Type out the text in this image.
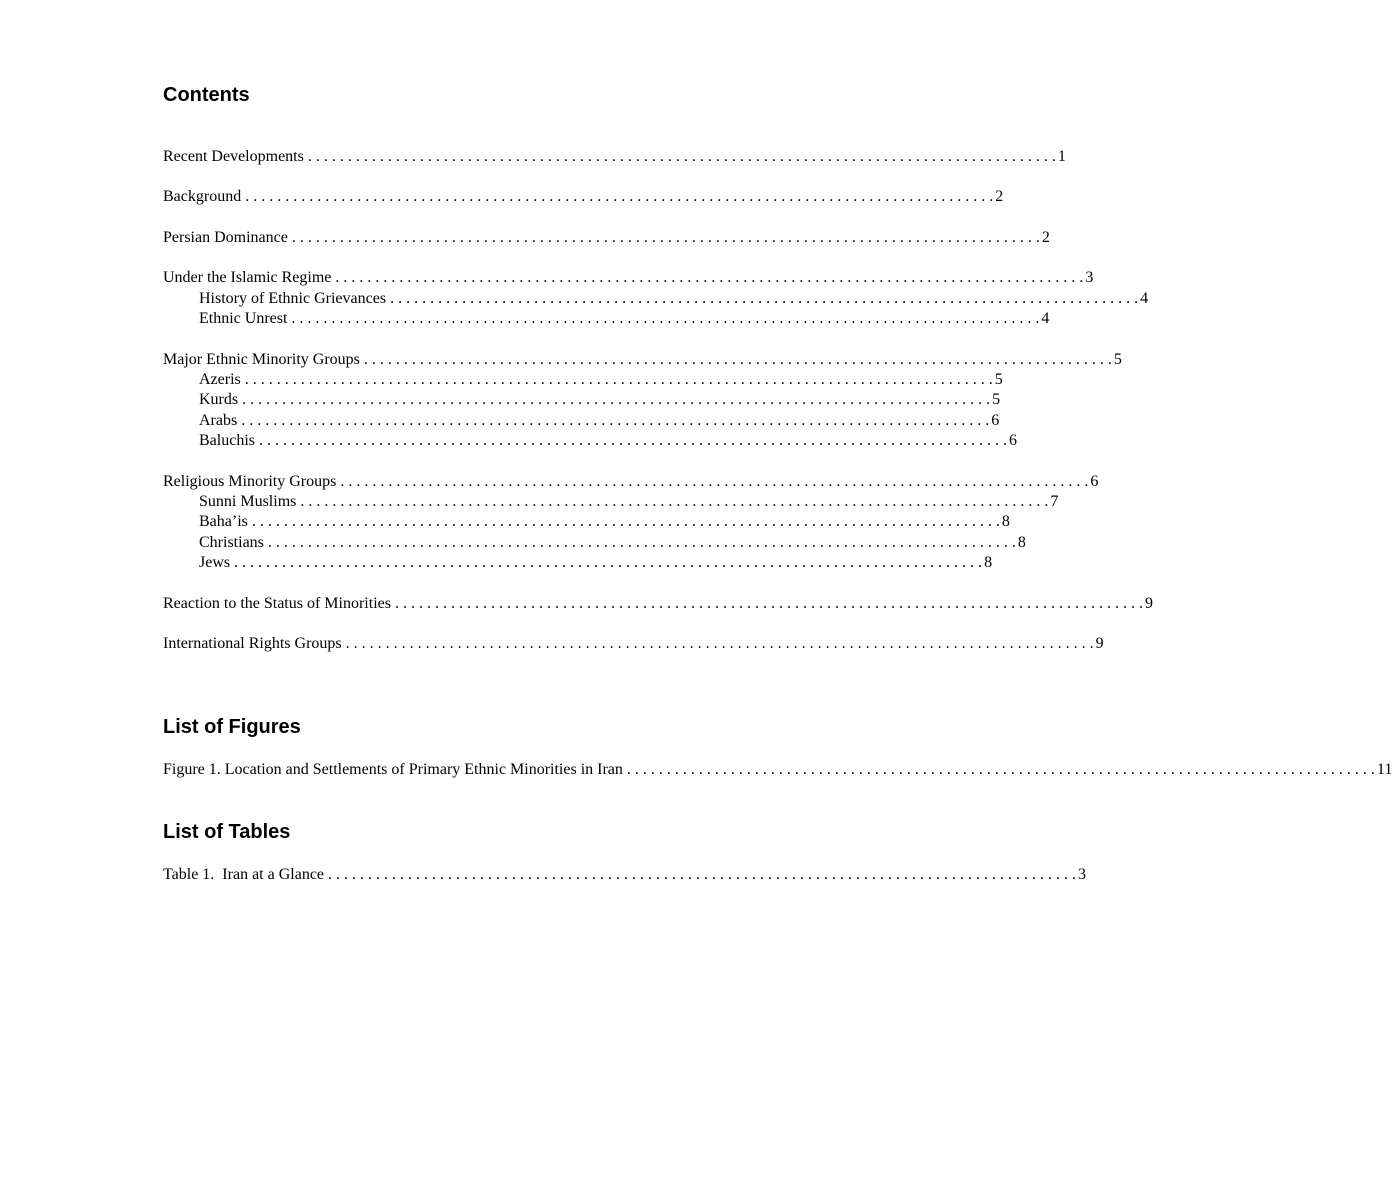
Contents
Recent Developments . . . . . . . . . . . . . . . . . . . . . . . . . . . . . . . . . . . . . . . . . . . . . . . . . . . . . . . . . . . . . . . . . . . . . . . . . . . . . . . . . . . . . . . . . . . . . . 1
Background . . . . . . . . . . . . . . . . . . . . . . . . . . . . . . . . . . . . . . . . . . . . . . . . . . . . . . . . . . . . . . . . . . . . . . . . . . . . . . . . . . . . . . . . . . . . . . 2
Persian Dominance . . . . . . . . . . . . . . . . . . . . . . . . . . . . . . . . . . . . . . . . . . . . . . . . . . . . . . . . . . . . . . . . . . . . . . . . . . . . . . . . . . . . . . . . . . . . . . 2
Under the Islamic Regime . . . . . . . . . . . . . . . . . . . . . . . . . . . . . . . . . . . . . . . . . . . . . . . . . . . . . . . . . . . . . . . . . . . . . . . . . . . . . . . . . . . . . . . . . . . . . . 3
History of Ethnic Grievances . . . . . . . . . . . . . . . . . . . . . . . . . . . . . . . . . . . . . . . . . . . . . . . . . . . . . . . . . . . . . . . . . . . . . . . . . . . . . . . . . . . . . . . . . . . . . . 4
Ethnic Unrest . . . . . . . . . . . . . . . . . . . . . . . . . . . . . . . . . . . . . . . . . . . . . . . . . . . . . . . . . . . . . . . . . . . . . . . . . . . . . . . . . . . . . . . . . . . . . . 4
Major Ethnic Minority Groups . . . . . . . . . . . . . . . . . . . . . . . . . . . . . . . . . . . . . . . . . . . . . . . . . . . . . . . . . . . . . . . . . . . . . . . . . . . . . . . . . . . . . . . . . . . . . . 5
Azeris . . . . . . . . . . . . . . . . . . . . . . . . . . . . . . . . . . . . . . . . . . . . . . . . . . . . . . . . . . . . . . . . . . . . . . . . . . . . . . . . . . . . . . . . . . . . . . 5
Kurds . . . . . . . . . . . . . . . . . . . . . . . . . . . . . . . . . . . . . . . . . . . . . . . . . . . . . . . . . . . . . . . . . . . . . . . . . . . . . . . . . . . . . . . . . . . . . . 5
Arabs . . . . . . . . . . . . . . . . . . . . . . . . . . . . . . . . . . . . . . . . . . . . . . . . . . . . . . . . . . . . . . . . . . . . . . . . . . . . . . . . . . . . . . . . . . . . . . 6
Baluchis . . . . . . . . . . . . . . . . . . . . . . . . . . . . . . . . . . . . . . . . . . . . . . . . . . . . . . . . . . . . . . . . . . . . . . . . . . . . . . . . . . . . . . . . . . . . . . 6
Religious Minority Groups . . . . . . . . . . . . . . . . . . . . . . . . . . . . . . . . . . . . . . . . . . . . . . . . . . . . . . . . . . . . . . . . . . . . . . . . . . . . . . . . . . . . . . . . . . . . . . 6
Sunni Muslims . . . . . . . . . . . . . . . . . . . . . . . . . . . . . . . . . . . . . . . . . . . . . . . . . . . . . . . . . . . . . . . . . . . . . . . . . . . . . . . . . . . . . . . . . . . . . . 7
Baha’is . . . . . . . . . . . . . . . . . . . . . . . . . . . . . . . . . . . . . . . . . . . . . . . . . . . . . . . . . . . . . . . . . . . . . . . . . . . . . . . . . . . . . . . . . . . . . . 8
Christians . . . . . . . . . . . . . . . . . . . . . . . . . . . . . . . . . . . . . . . . . . . . . . . . . . . . . . . . . . . . . . . . . . . . . . . . . . . . . . . . . . . . . . . . . . . . . . 8
Jews . . . . . . . . . . . . . . . . . . . . . . . . . . . . . . . . . . . . . . . . . . . . . . . . . . . . . . . . . . . . . . . . . . . . . . . . . . . . . . . . . . . . . . . . . . . . . . 8
Reaction to the Status of Minorities . . . . . . . . . . . . . . . . . . . . . . . . . . . . . . . . . . . . . . . . . . . . . . . . . . . . . . . . . . . . . . . . . . . . . . . . . . . . . . . . . . . . . . . . . . . . . . 9
International Rights Groups . . . . . . . . . . . . . . . . . . . . . . . . . . . . . . . . . . . . . . . . . . . . . . . . . . . . . . . . . . . . . . . . . . . . . . . . . . . . . . . . . . . . . . . . . . . . . . 9
List of Figures
Figure 1. Location and Settlements of Primary Ethnic Minorities in Iran . . . . . . . . . . . . . . . . . . . . . . . . . . . . . . . . . . . . . . . . . . . . . . . . . . . . . . . . . . . . . . . . . . . . . . . . . . . . . . . . . . . . . . . . . . . . . . 11
List of Tables
Table 1.  Iran at a Glance . . . . . . . . . . . . . . . . . . . . . . . . . . . . . . . . . . . . . . . . . . . . . . . . . . . . . . . . . . . . . . . . . . . . . . . . . . . . . . . . . . . . . . . . . . . . . . 3
